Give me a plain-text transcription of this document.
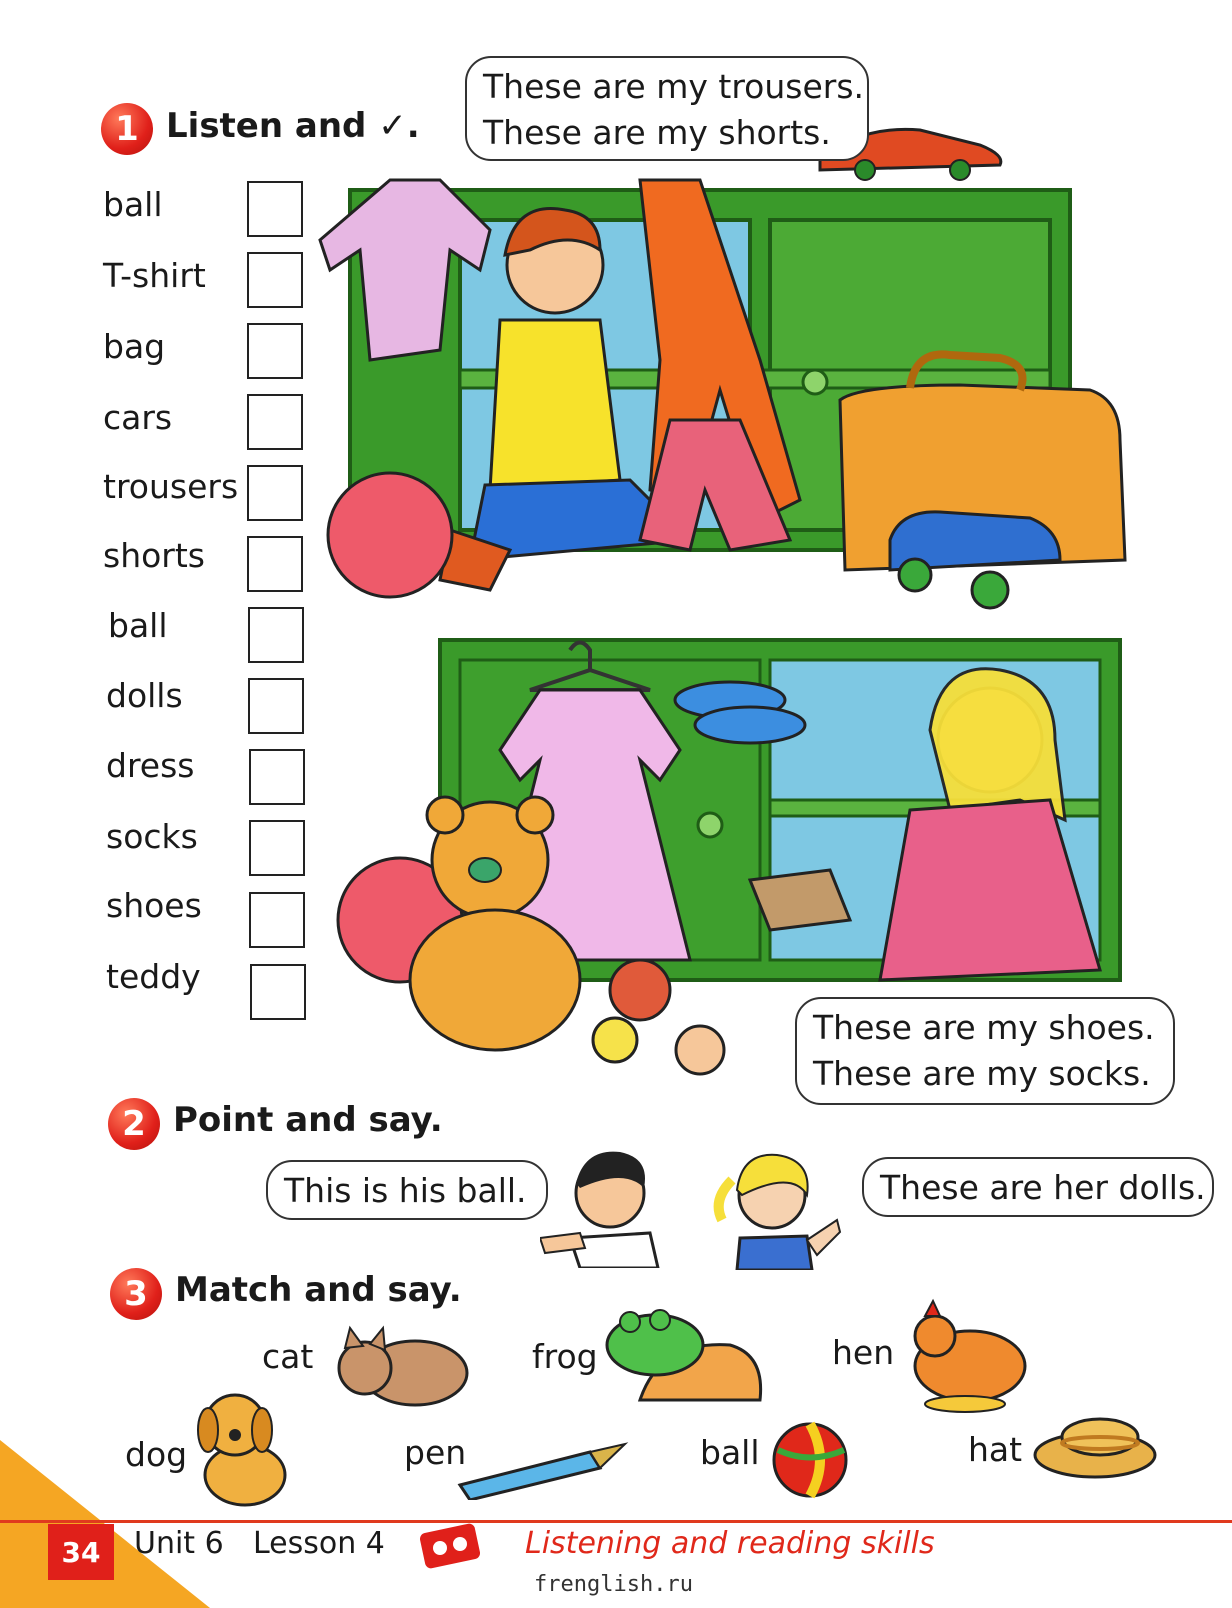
1 Listen and ✓.
ball
T-shirt
bag
cars
trousers
shorts
ball
dolls
dress
socks
shoes
teddy
These are my trousers.
These are my shorts.
These are my shoes.
These are my socks.
2 Point and say.
This is his ball.	These are her dolls.
3 Match and say.
cat	frog	hen
dog	pen	ball	hat
34	Unit 6 Lesson 4	Listening and reading skills
frenglish.ru
